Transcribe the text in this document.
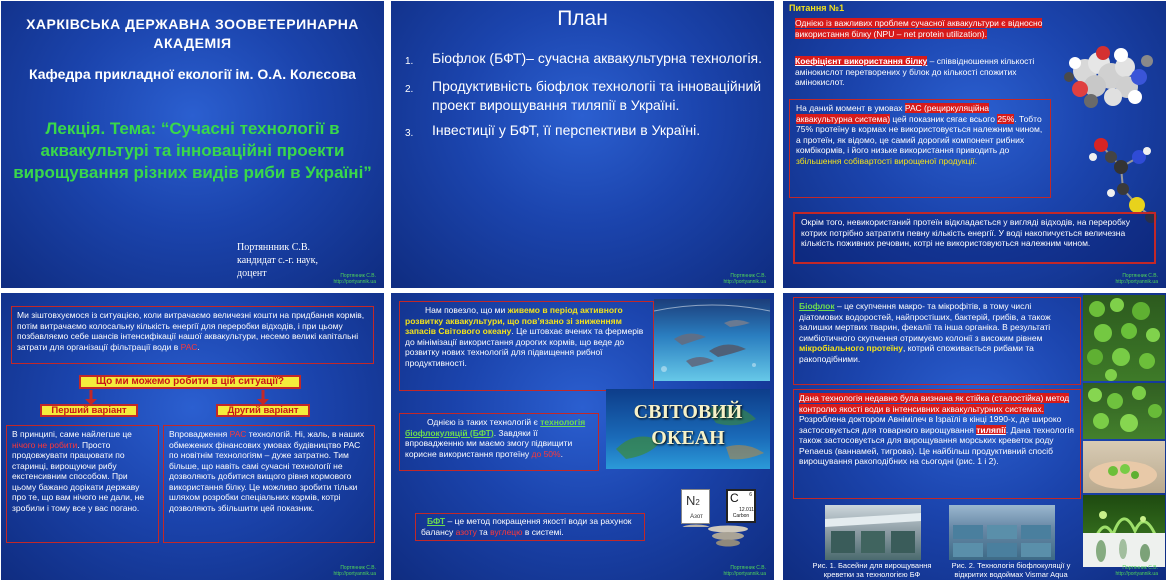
ХАРКІВСЬКА ДЕРЖАВНА ЗООВЕТЕРИНАРНА АКАДЕМІЯ
Кафедра прикладної екології ім. О.А. Колєсова
Лекція. Тема: “Сучасні технології в аквакультурі та інноваційні проекти вирощування різних видів риби в Україні”
Портяннник С.В.
кандидат с.-г. наук,
доцент	Портянник С.В.
http://portyannik.ua
План
1.	Біофлок (БФТ)– сучасна аквакультурна технологія.
2.	Продуктивність біофлок технологіі та інноваційний проект вирощування тиляпії в Україні.
3.	Інвестиції у БФТ, її перспективи в Україні.
Портянник С.В.
http://portyannik.ua
Питання №1
Однією із важливих проблем сучасної аквакультури є відносно використання білку (NPU – net protein utilization).
Коефіцієнт використання білку – співвідношення кількості амінокислот перетворених у білок до кількості спожитих амінокислот.
На даний момент в умовах РАС (рециркуляційна аквакультурна система) цей показник сягає всього 25%. Тобто 75% протеїну в кормах не використовується належним чином, а протеїн, як відомо, це самий дорогий компонент рибних комбікормів, і його низьке використання приводить до збільшення собівартості вирощеної продукції.
Окрім того, невикористаний протеїн відкладається у вигляді відходів, на переробку котрих потрібно затратити певну кількість енергії. У воді накопичується величезна кількість поживних речовин, котрі не використовуються належним чином.
Портянник С.В.
http://portyannik.ua
Ми зіштовхуємося із ситуацією, коли витрачаємо величезні кошти на придбання кормів, потім витрачаємо колосальну кількість енергії для переробки відходів, і при цьому позбавляємо себе шансів інтенсифікації нашої аквакультури, несемо великі капітальні затрати для організації фільтрації води в РАС.
Що ми можемо робити в цій ситуації?
Перший варіант	Другий варіант
В принципі, саме найлегше це нічого не робити. Просто продовжувати працювати по старинці, вирощуючи рибу екстенсивним способом. При цьому бажано дорікати державу про те, що вам нічого не дали, не зробили і тому все у вас погано.
Впровадження РАС технологій. Ні, жаль, в наших обмежених фінансових умовах будівництво РАС по новітнім технологіям – дуже затратно. Тим більше, що навіть самі сучасні технології не дозволяють добитися вищого рівня кормового використання білку. Це можливо зробити тільки шляхом розробки спеціальних кормів, котрі дозволяють збільшити цей показник.
Портянник С.В.
http://portyannik.ua
Нам повезло, що ми живемо в період активного розвитку аквакультури, що пов’язано зі зниженням запасів Світового океану. Це штовхає вчених та фермерів до мінімізації використання дорогих кормів, що веде до розвитку нових технологій для підвищення рибної продуктивності.
СВІТОВИЙ ОКЕАН
Однією із таких технологій є технологія біофлокуляцій (БФТ). Завдяки її впровадженню ми маємо змогу підвищити корисне використання протеїну до 50%.
N2
Азот
C 6
12.011
Carbon
БФТ – це метод покращення якості води за рахунок балансу азоту та вуглецю в системі.
Портянник С.В.
http://portyannik.ua
Біофлок – це скупчення макро- та мікрофітів, в тому числі діатомових водоростей, найпростіших, бактерій, грибів, а також залишки мертвих тварин, фекалії та інша органіка. В результаті симбіотичного скупчення отримуємо колонії з високим рівнем мікробіального протеїну, котрий споживається рибами та ракоподібними.
Дана технологія недавно була визнана як стійка (сталостійка) метод контролю якості води в інтенсивних аквакультурних системах. Розроблена доктором Авнімілеч в Ізраїлі в кінці 1990-х, де широко застосовується для товарного вирощування тиляпії. Дана технологія також застосовується для вирощування морських креветок роду Penaeus (ваннамей, тигрова). Це найбільш продуктивний спосіб вирощування ракоподібних на сьогодні (рис. 1 і 2).
Рис. 1. Басейни для вирощування креветки за технологією БФ
Рис. 2. Технологія біофлокуляції у відкритих водоймах Vismar Aqua
Портянник С.В.
http://portyannik.ua
